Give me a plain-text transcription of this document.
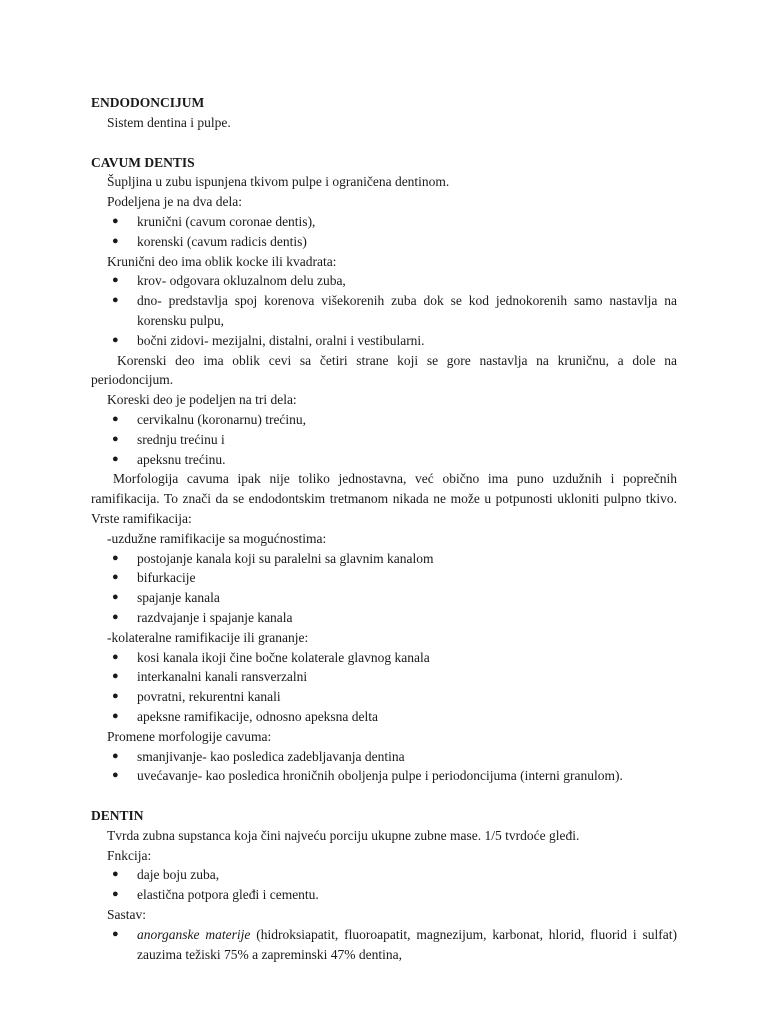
ENDODONCIJUM

Sistem dentina i pulpe.

CAVUM DENTIS

Šupljina u zubu ispunjena tkivom pulpe i ograničena dentinom.

Podeljena je na dva dela:

● krunični (cavum coronae dentis),
● korenski (cavum radicis dentis)

Krunični deo ima oblik kocke ili kvadrata:

● krov- odgovara okluzalnom delu zuba,
● dno- predstavlja spoj korenova višekorenih zuba dok se kod jednokorenih samo nastavlja na korensku pulpu,
● bočni zidovi- mezijalni, distalni, oralni i vestibularni.

Korenski deo ima oblik cevi sa četiri strane koji se gore nastavlja na kruničnu, a dole na periodoncijum.

Koreski deo je podeljen na tri dela:

● cervikalnu (koronarnu) trećinu,
● srednju trećinu i
● apeksnu trećinu.

Morfologija cavuma ipak nije toliko jednostavna, već obično ima puno uzdužnih i poprečnih ramifikacija. To znači da se endodontskim tretmanom nikada ne može u potpunosti ukloniti pulpno tkivo. Vrste ramifikacija:

-uzdužne ramifikacije sa mogućnostima:

● postojanje kanala koji su paralelni sa glavnim kanalom
● bifurkacije
● spajanje kanala
● razdvajanje i spajanje kanala

-kolateralne ramifikacije ili grananje:

● kosi kanala ikoji čine bočne kolaterale glavnog kanala
● interkanalni kanali ransverzalni
● povratni, rekurentni kanali
● apeksne ramifikacije, odnosno apeksna delta

Promene morfologije cavuma:

● smanjivanje- kao posledica zadebljavanja dentina
● uvećavanje- kao posledica hroničnih oboljenja pulpe i periodoncijuma (interni granulom).

DENTIN

Tvrda zubna supstanca koja čini najveću porciju ukupne zubne mase. 1/5 tvrdoće gleđi.

Fnkcija:

● daje boju zuba,
● elastična potpora gleđi i cementu.

Sastav:

● anorganske materije (hidroksiapatit, fluoroapatit, magnezijum, karbonat, hlorid, fluorid i sulfat) zauzima težiski 75% a zapreminski 47% dentina,
